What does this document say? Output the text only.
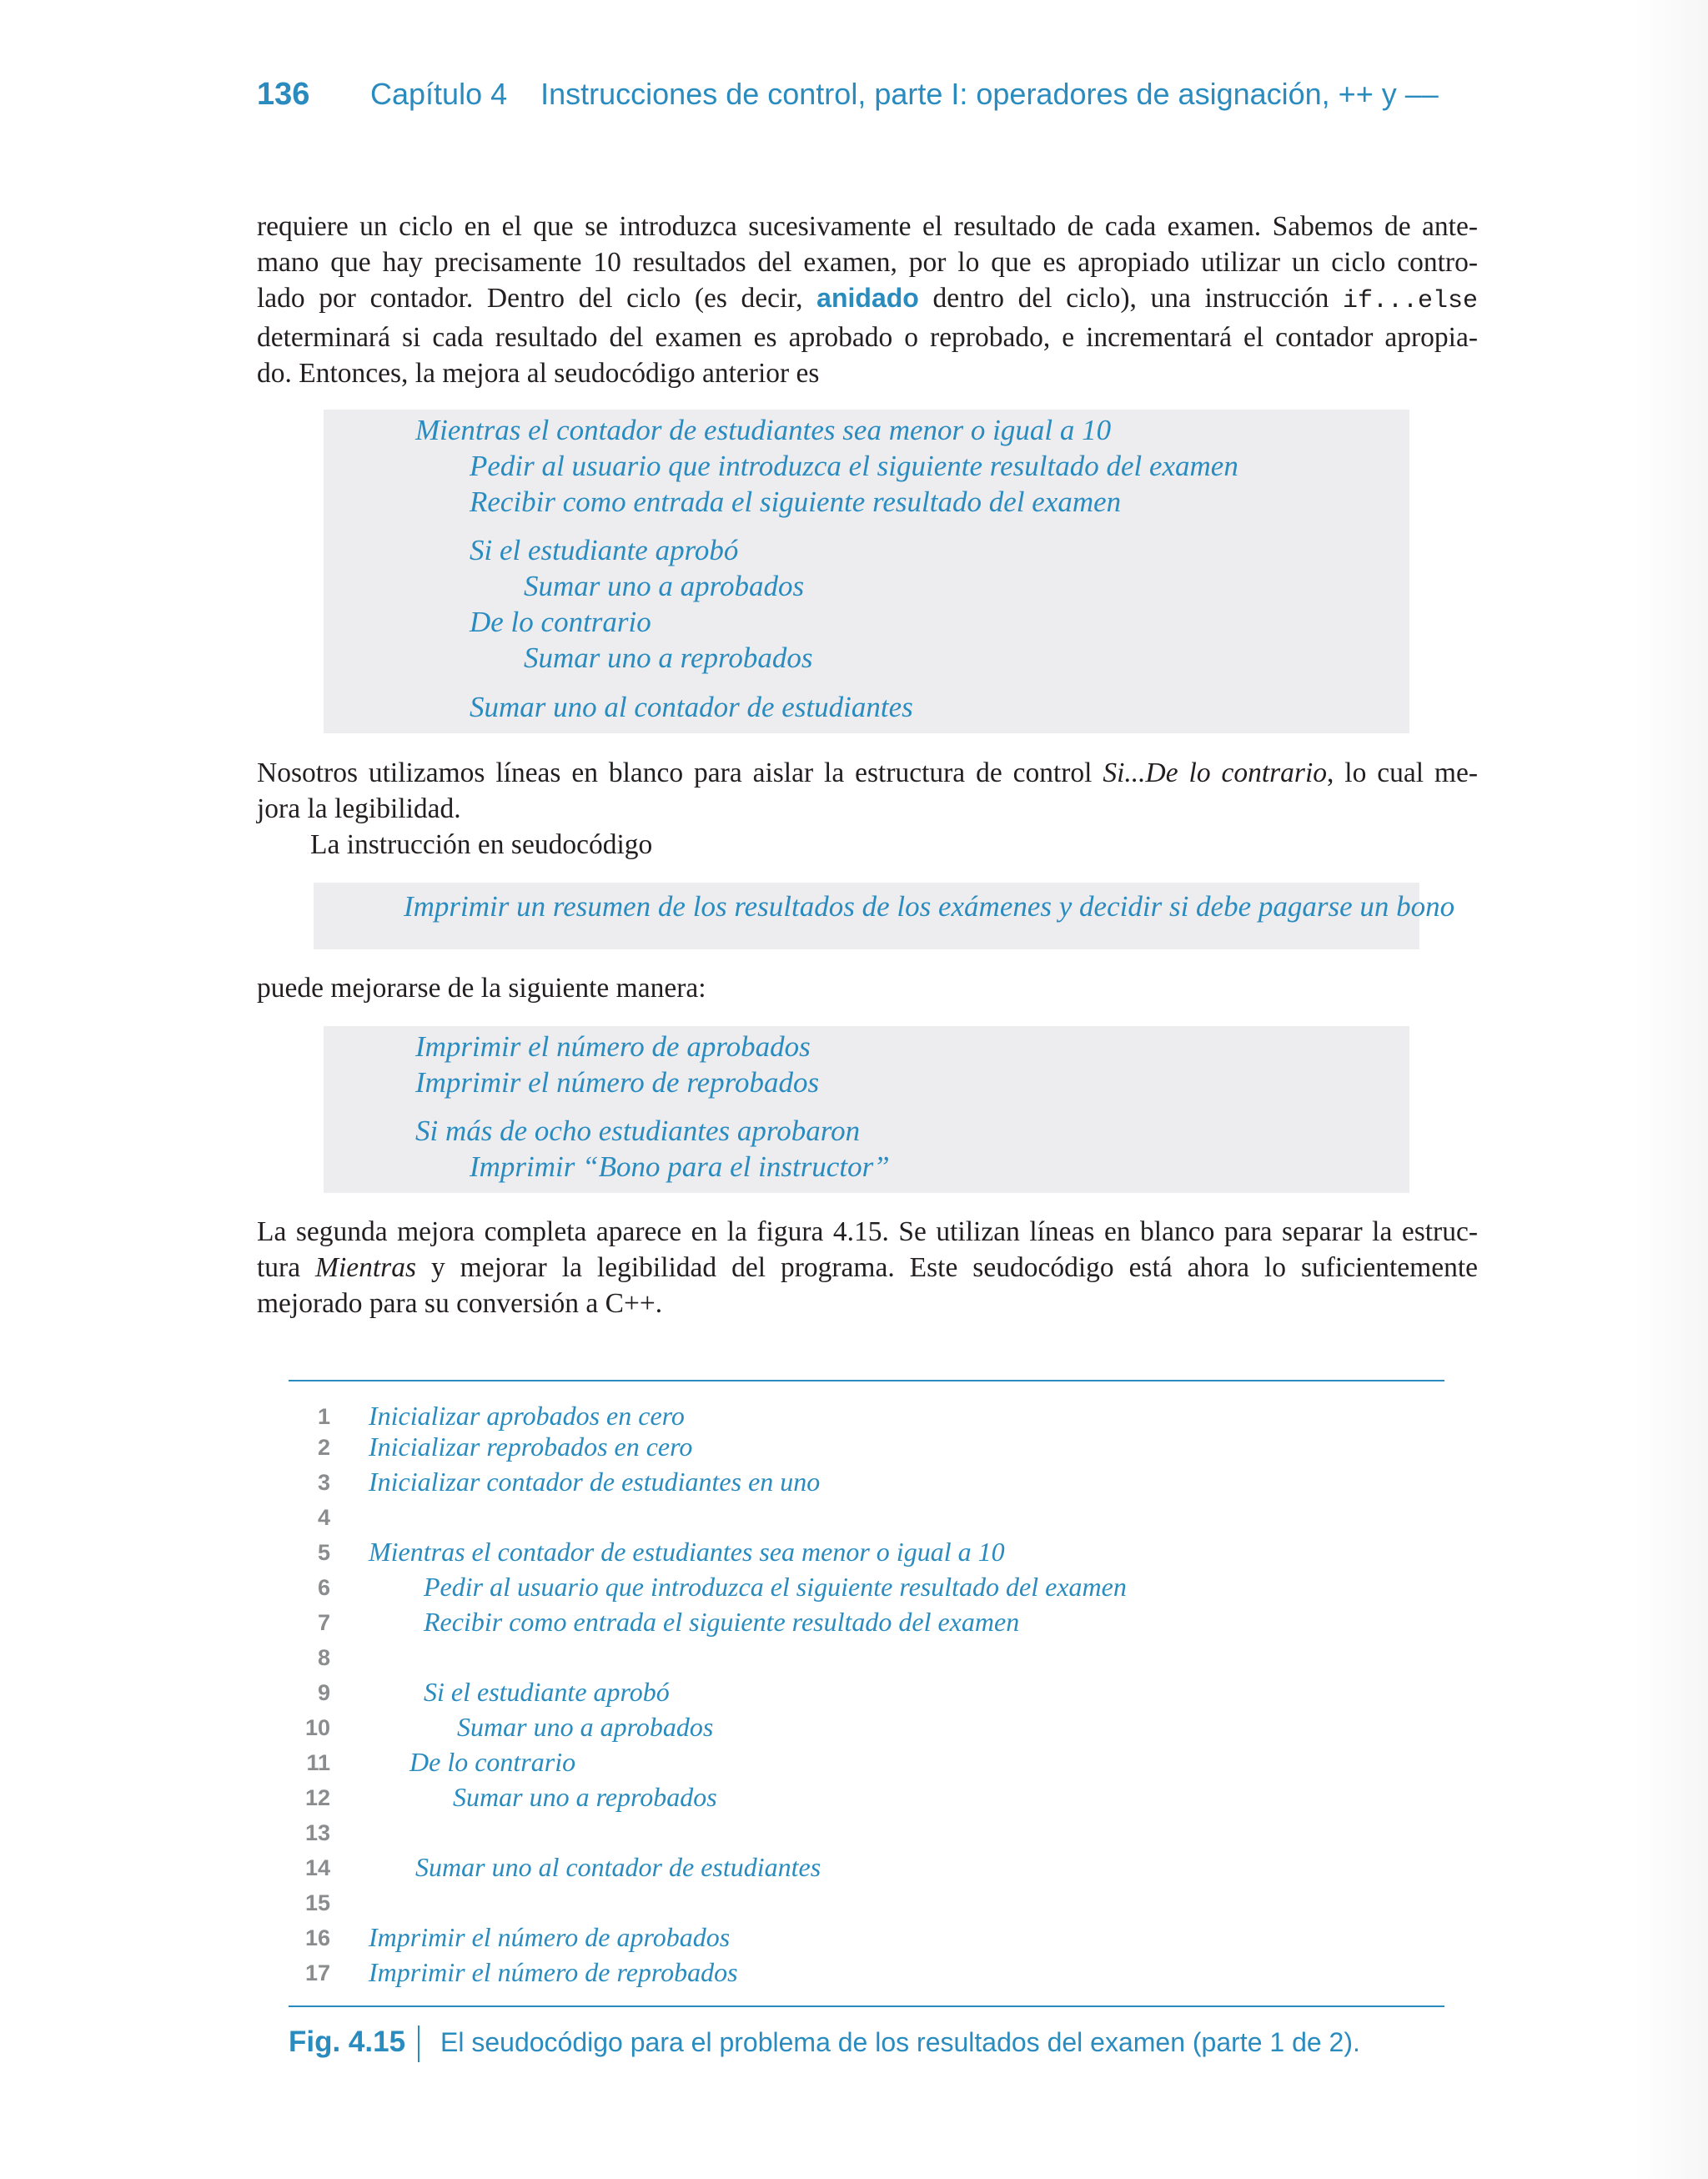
136 Capítulo 4    Instrucciones de control, parte I: operadores de asignación, ++ y ––
requiere un ciclo en el que se introduzca sucesivamente el resultado de cada examen. Sabemos de ante-
mano que hay precisamente 10 resultados del examen, por lo que es apropiado utilizar un ciclo contro-
lado por contador. Dentro del ciclo (es decir, anidado dentro del ciclo), una instrucción if...else
determinará si cada resultado del examen es aprobado o reprobado, e incrementará el contador apropia-
do. Entonces, la mejora al seudocódigo anterior es
Mientras el contador de estudiantes sea menor o igual a 10
Pedir al usuario que introduzca el siguiente resultado del examen
Recibir como entrada el siguiente resultado del examen
Si el estudiante aprobó
Sumar uno a aprobados
De lo contrario
Sumar uno a reprobados
Sumar uno al contador de estudiantes
Nosotros utilizamos líneas en blanco para aislar la estructura de control Si...De lo contrario, lo cual me-
jora la legibilidad.
La instrucción en seudocódigo
Imprimir un resumen de los resultados de los exámenes y decidir si debe pagarse un bono
puede mejorarse de la siguiente manera:
Imprimir el número de aprobados
Imprimir el número de reprobados
Si más de ocho estudiantes aprobaron
Imprimir “Bono para el instructor”
La segunda mejora completa aparece en la figura 4.15. Se utilizan líneas en blanco para separar la estruc-
tura Mientras y mejorar la legibilidad del programa. Este seudocódigo está ahora lo suficientemente
mejorado para su conversión a C++.
1 Inicializar aprobados en cero
2 Inicializar reprobados en cero
3 Inicializar contador de estudiantes en uno
4
5 Mientras el contador de estudiantes sea menor o igual a 10
6	Pedir al usuario que introduzca el siguiente resultado del examen
7	Recibir como entrada el siguiente resultado del examen
8
9	Si el estudiante aprobó
10	Sumar uno a aprobados
11	De lo contrario
12	Sumar uno a reprobados
13
14	Sumar uno al contador de estudiantes
15
16 Imprimir el número de aprobados
17 Imprimir el número de reprobados
Fig. 4.15 El seudocódigo para el problema de los resultados del examen (parte 1 de 2).
